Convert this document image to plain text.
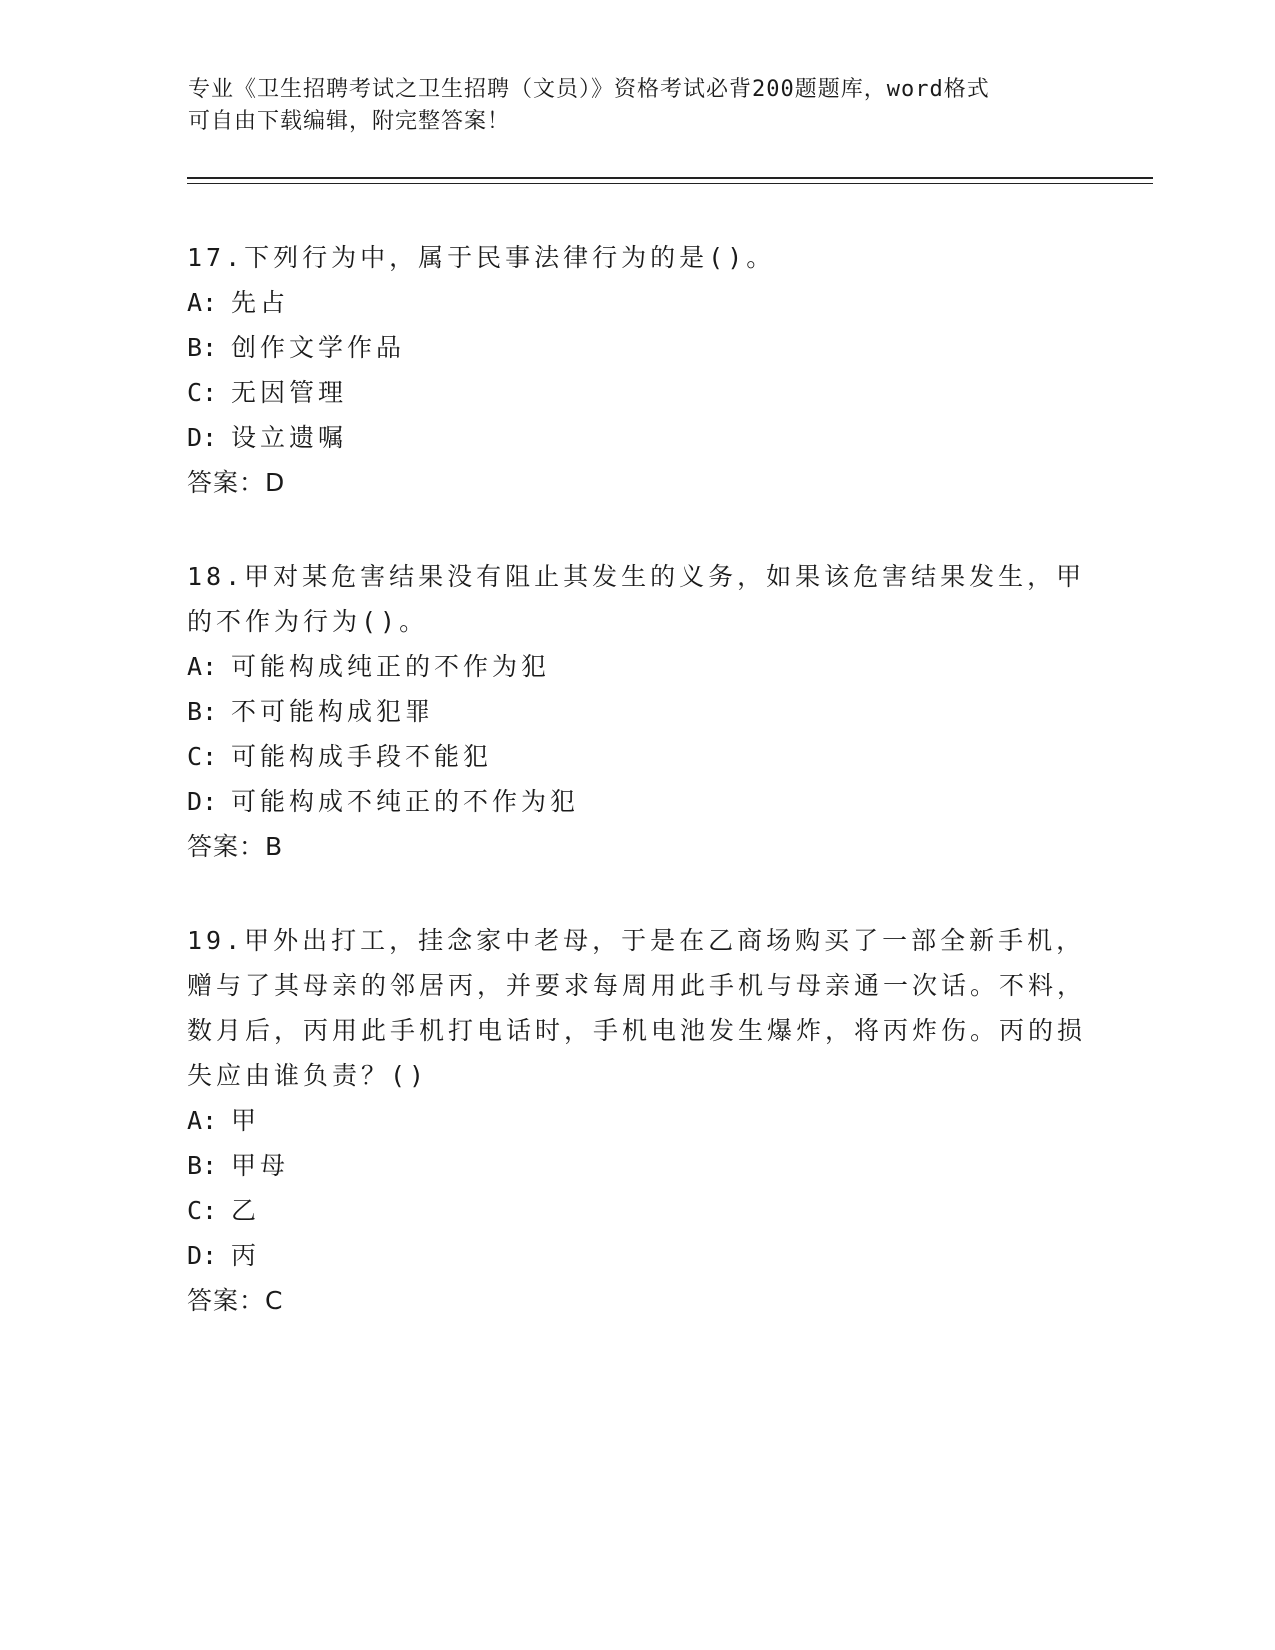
专业《卫生招聘考试之卫生招聘（文员）》资格考试必背200题题库，word格式
可自由下载编辑，附完整答案！
17.下列行为中，属于民事法律行为的是()。
A: 先占
B: 创作文学作品
C: 无因管理
D: 设立遗嘱
答案：D
18.甲对某危害结果没有阻止其发生的义务，如果该危害结果发生，甲的不作为行为()。
A: 可能构成纯正的不作为犯
B: 不可能构成犯罪
C: 可能构成手段不能犯
D: 可能构成不纯正的不作为犯
答案：B
19.甲外出打工，挂念家中老母，于是在乙商场购买了一部全新手机，赠与了其母亲的邻居丙，并要求每周用此手机与母亲通一次话。不料，数月后，丙用此手机打电话时，手机电池发生爆炸，将丙炸伤。丙的损失应由谁负责？()
A: 甲
B: 甲母
C: 乙
D: 丙
答案：C
